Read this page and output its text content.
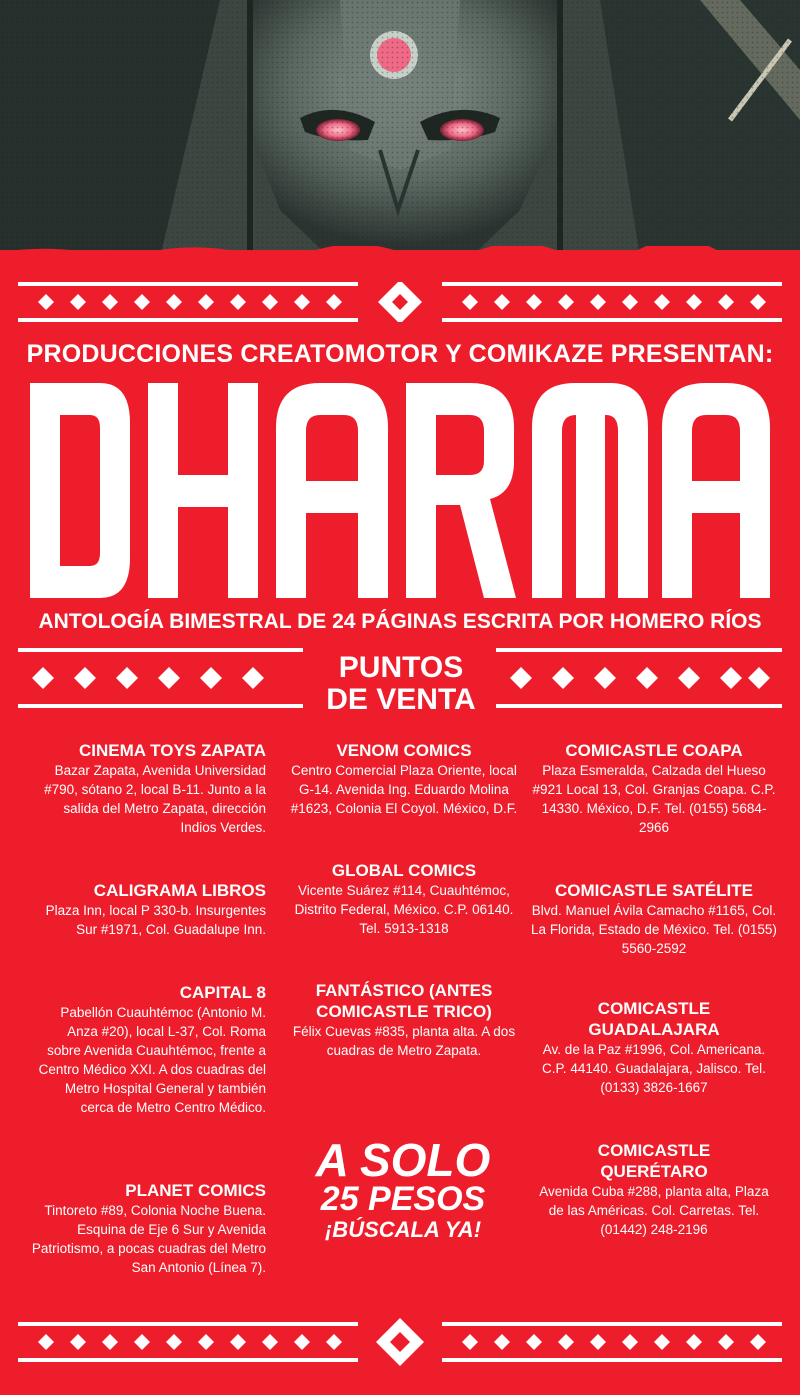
PRODUCCIONES CREATOMOTOR Y COMIKAZE PRESENTAN:
ANTOLOGÍA BIMESTRAL DE 24 PÁGINAS ESCRITA POR HOMERO RÍOS
PUNTOS
DE VENTA
CINEMA TOYS ZAPATA
Bazar Zapata, Avenida Universidad #790, sótano 2, local B-11. Junto a la salida del Metro Zapata, dirección Indios Verdes.
CALIGRAMA LIBROS
Plaza Inn, local P 330-b. Insurgentes Sur #1971, Col. Guadalupe Inn.
CAPITAL 8
Pabellón Cuauhtémoc (Antonio M. Anza #20), local L-37, Col. Roma sobre Avenida Cuauhtémoc, frente a Centro Médico XXI. A dos cuadras del Metro Hospital General y también cerca de Metro Centro Médico.
PLANET COMICS
Tintoreto #89, Colonia Noche Buena. Esquina de Eje 6 Sur y Avenida Patriotismo, a pocas cuadras del Metro San Antonio (Línea 7).
VENOM COMICS
Centro Comercial Plaza Oriente, local G-14. Avenida Ing. Eduardo Molina #1623, Colonia El Coyol. México, D.F.
GLOBAL COMICS
Vicente Suárez #114, Cuauhtémoc, Distrito Federal, México. C.P. 06140. Tel. 5913-1318
FANTÁSTICO (ANTES COMICASTLE TRICO)
Félix Cuevas #835, planta alta. A dos cuadras de Metro Zapata.
A SOLO
25 PESOS
¡BÚSCALA YA!
COMICASTLE COAPA
Plaza Esmeralda, Calzada del Hueso #921 Local 13, Col. Granjas Coapa. C.P. 14330. México, D.F. Tel. (0155) 5684-2966
COMICASTLE SATÉLITE
Blvd. Manuel Ávila Camacho #1165, Col. La Florida, Estado de México. Tel. (0155) 5560-2592
COMICASTLE GUADALAJARA
Av. de la Paz #1996, Col. Americana. C.P. 44140. Guadalajara, Jalisco. Tel. (0133) 3826-1667
COMICASTLE QUERÉTARO
Avenida Cuba #288, planta alta, Plaza de las Américas. Col. Carretas. Tel. (01442) 248-2196
